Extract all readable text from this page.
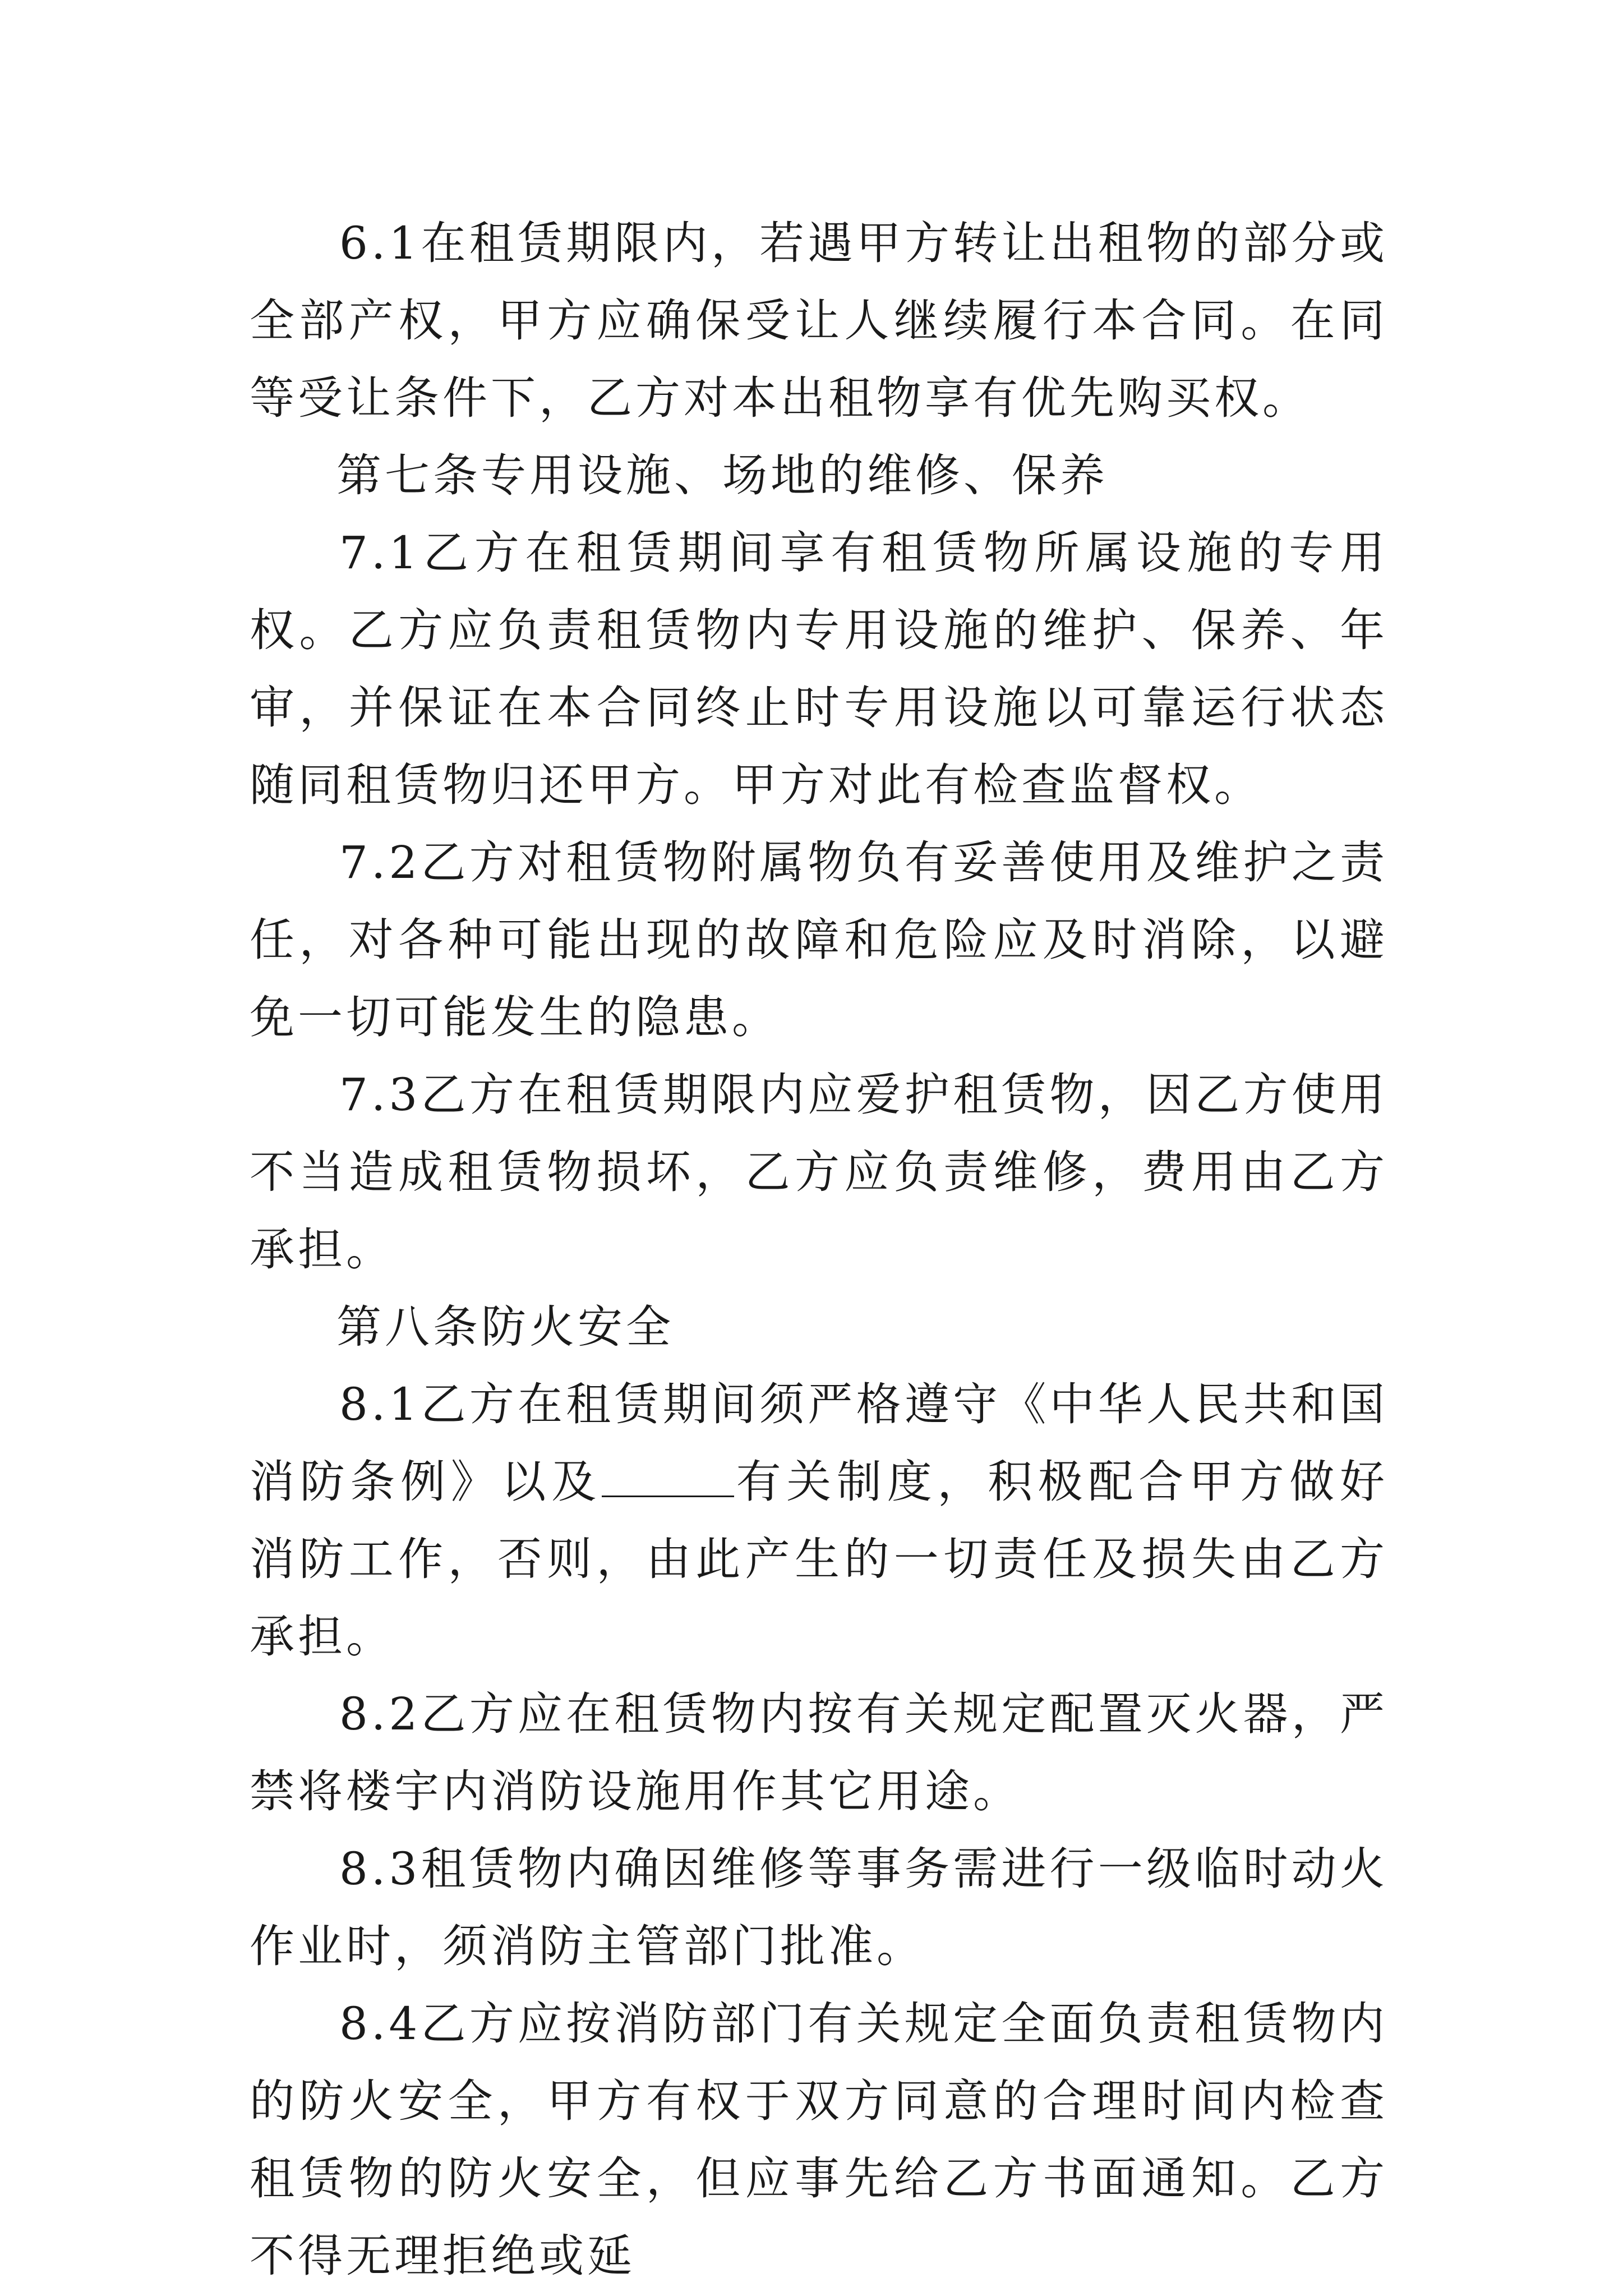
6.1在租赁期限内，若遇甲方转让出租物的部分或全部产权，甲方应确保受让人继续履行本合同。在同等受让条件下，乙方对本出租物享有优先购买权。

第七条专用设施、场地的维修、保养

7.1乙方在租赁期间享有租赁物所属设施的专用权。乙方应负责租赁物内专用设施的维护、保养、年审，并保证在本合同终止时专用设施以可靠运行状态随同租赁物归还甲方。甲方对此有检查监督权。

7.2乙方对租赁物附属物负有妥善使用及维护之责任，对各种可能出现的故障和危险应及时消除，以避免一切可能发生的隐患。

7.3乙方在租赁期限内应爱护租赁物，因乙方使用不当造成租赁物损坏，乙方应负责维修，费用由乙方承担。

第八条防火安全

8.1乙方在租赁期间须严格遵守《中华人民共和国消防条例》以及	有关制度，积极配合甲方做好消防工作，否则，由此产生的一切责任及损失由乙方承担。

8.2乙方应在租赁物内按有关规定配置灭火器，严禁将楼宇内消防设施用作其它用途。

8.3租赁物内确因维修等事务需进行一级临时动火作业时，须消防主管部门批准。

8.4乙方应按消防部门有关规定全面负责租赁物内的防火安全，甲方有权于双方同意的合理时间内检查租赁物的防火安全，但应事先给乙方书面通知。乙方不得无理拒绝或延
